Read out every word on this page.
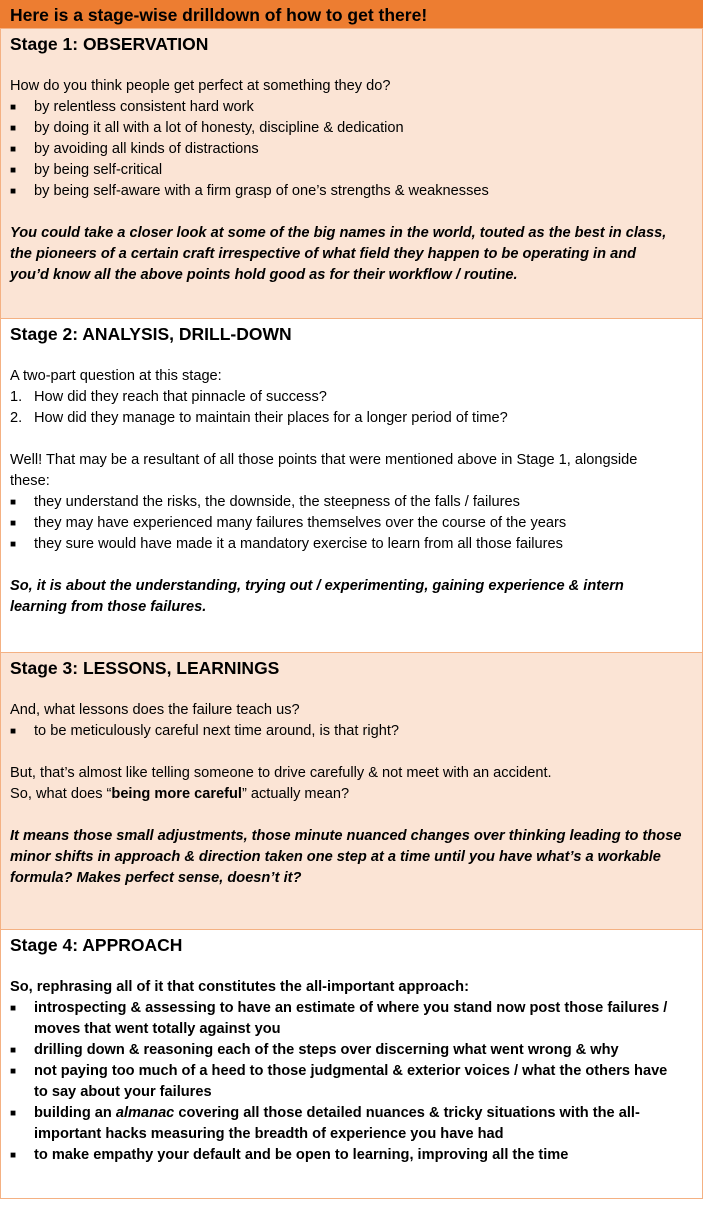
Here is a stage-wise drilldown of how to get there!
Stage 1: OBSERVATION

How do you think people get perfect at something they do?

■	by relentless consistent hard work
■	by doing it all with a lot of honesty, discipline & dedication
■	by avoiding all kinds of distractions
■	by being self-critical
■	by being self-aware with a firm grasp of one’s strengths & weaknesses

You could take a closer look at some of the big names in the world, touted as the best in class,

the pioneers of a certain craft irrespective of what field they happen to be operating in and

you’d know all the above points hold good as for their workflow / routine.

Stage 2: ANALYSIS, DRILL-DOWN

A two-part question at this stage:

1. How did they reach that pinnacle of success?
2. How did they manage to maintain their places for a longer period of time?

Well! That may be a resultant of all those points that were mentioned above in Stage 1, alongside

these:

■	they understand the risks, the downside, the steepness of the falls / failures
■	they may have experienced many failures themselves over the course of the years
■	they sure would have made it a mandatory exercise to learn from all those failures

So, it is about the understanding, trying out / experimenting, gaining experience & intern

learning from those failures.

Stage 3: LESSONS, LEARNINGS

And, what lessons does the failure teach us?

■	to be meticulously careful next time around, is that right?

But, that’s almost like telling someone to drive carefully & not meet with an accident.

So, what does “being more careful” actually mean?

It means those small adjustments, those minute nuanced changes over thinking leading to those

minor shifts in approach & direction taken one step at a time until you have what’s a workable

formula? Makes perfect sense, doesn’t it?

Stage 4: APPROACH

So, rephrasing all of it that constitutes the all-important approach:

■	introspecting & assessing to have an estimate of where you stand now post those failures /
moves that went totally against you
■	drilling down & reasoning each of the steps over discerning what went wrong & why
■	not paying too much of a heed to those judgmental & exterior voices / what the others have
to say about your failures
■	building an almanac covering all those detailed nuances & tricky situations with the all-
important hacks measuring the breadth of experience you have had
■	to make empathy your default and be open to learning, improving all the time
